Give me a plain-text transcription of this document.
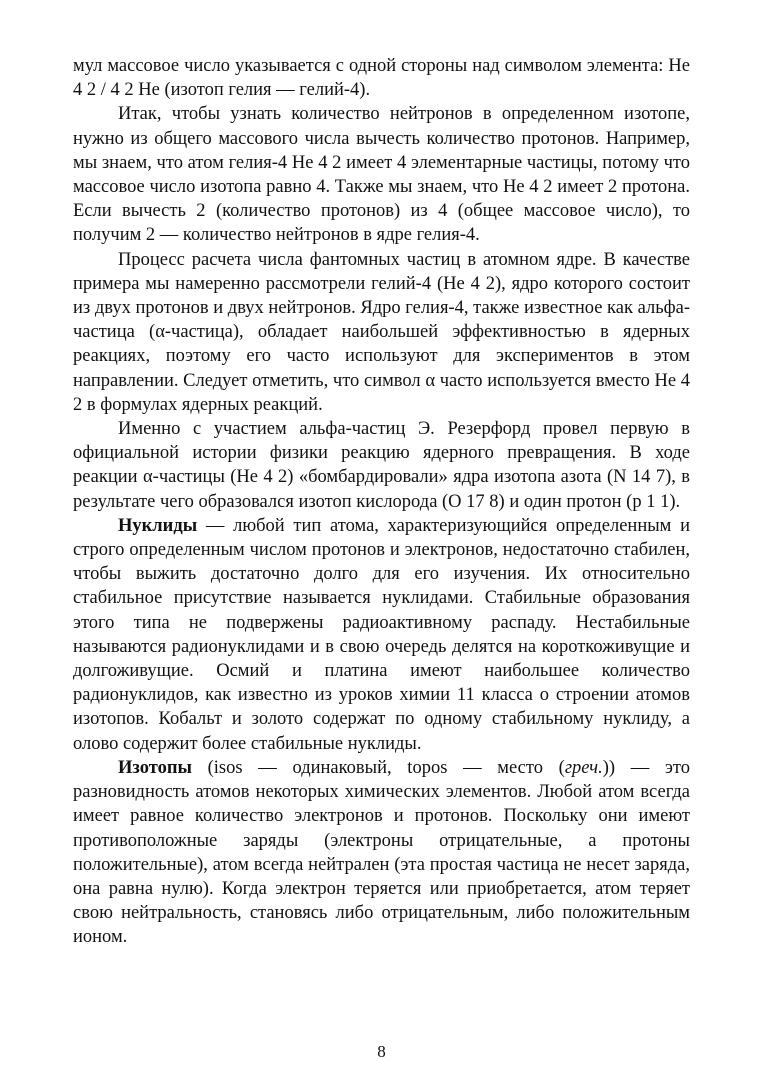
мул массовое число указывается с одной стороны над символом элемента: He 4 2 / 4 2 He (изотоп гелия — гелий-4).

Итак, чтобы узнать количество нейтронов в определенном изотопе, нужно из общего массового числа вычесть количество протонов. Например, мы знаем, что атом гелия-4 He 4 2 имеет 4 элементарные частицы, потому что массовое число изотопа равно 4. Также мы знаем, что He 4 2 имеет 2 протона. Если вычесть 2 (количество протонов) из 4 (общее массовое число), то получим 2 — количество нейтронов в ядре гелия-4.

Процесс расчета числа фантомных частиц в атомном ядре. В качестве примера мы намеренно рассмотрели гелий-4 (He 4 2), ядро которого состоит из двух протонов и двух нейтронов. Ядро гелия-4, также известное как альфа-частица (α-частица), обладает наибольшей эффективностью в ядерных реакциях, поэтому его часто используют для экспериментов в этом направлении. Следует отметить, что символ α часто используется вместо He 4 2 в формулах ядерных реакций.

Именно с участием альфа-частиц Э. Резерфорд провел первую в официальной истории физики реакцию ядерного превращения. В ходе реакции α-частицы (He 4 2) «бомбардировали» ядра изотопа азота (N 14 7), в результате чего образовался изотоп кислорода (O 17 8) и один протон (p 1 1).

Нуклиды — любой тип атома, характеризующийся определенным и строго определенным числом протонов и электронов, недостаточно стабилен, чтобы выжить достаточно долго для его изучения. Их относительно стабильное присутствие называется нуклидами. Стабильные образования этого типа не подвержены радиоактивному распаду. Нестабильные называются радионуклидами и в свою очередь делятся на короткоживущие и долгоживущие. Осмий и платина имеют наибольшее количество радионуклидов, как известно из уроков химии 11 класса о строении атомов изотопов. Кобальт и золото содержат по одному стабильному нуклиду, а олово содержит более стабильные нуклиды.

Изотопы (isos — одинаковый, topos — место (греч.)) — это разновидность атомов некоторых химических элементов. Любой атом всегда имеет равное количество электронов и протонов. Поскольку они имеют противоположные заряды (электроны отрицательные, а протоны положительные), атом всегда нейтрален (эта простая частица не несет заряда, она равна нулю). Когда электрон теряется или приобретается, атом теряет свою нейтральность, становясь либо отрицательным, либо положительным ионом.

8
